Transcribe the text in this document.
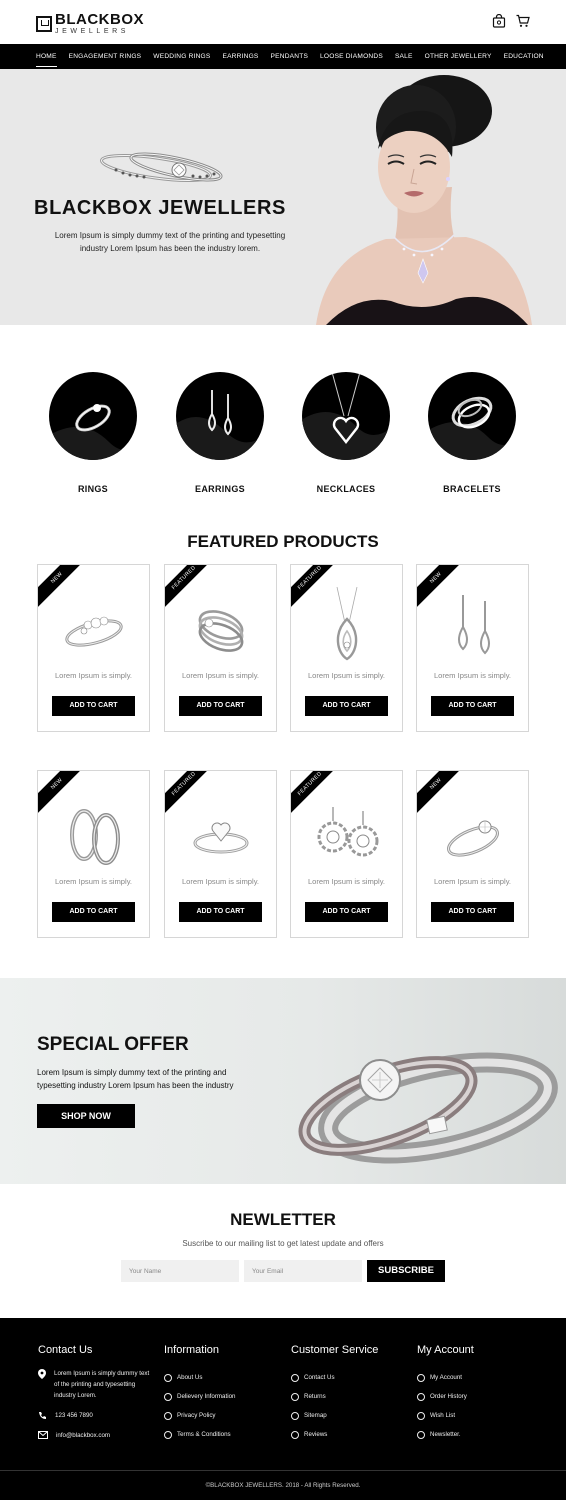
BLACKBOX
JEWELLERS
HOME ENGAGEMENT RINGS WEDDING RINGS EARRINGS PENDANTS LOOSE DIAMONDS SALE OTHER JEWELLERY EDUCATION
BLACKBOX JEWELLERS

Lorem Ipsum is simply dummy text of the printing and typesetting industry Lorem Ipsum has been the industry lorem.

RINGS	EARRINGS	NECKLACES	BRACELETS
FEATURED PRODUCTS
NEW
Lorem Ipsum is simply.
ADD TO CART
FEATURED
Lorem Ipsum is simply.
ADD TO CART
FEATURED
Lorem Ipsum is simply.
ADD TO CART
NEW
Lorem Ipsum is simply.
ADD TO CART
NEW
Lorem Ipsum is simply.
ADD TO CART
FEATURED
Lorem Ipsum is simply.
ADD TO CART
FEATURED
Lorem Ipsum is simply.
ADD TO CART
NEW
Lorem Ipsum is simply.
ADD TO CART
SPECIAL OFFER

Lorem Ipsum is simply dummy text of the printing and typesetting industry Lorem Ipsum has been the industry

SHOP NOW
NEWLETTER

Suscribe to our mailing list to get latest update and offers

Your Name
Your Email
SUBSCRIBE
Contact Us
Lorem Ipsum is simply dummy text of the printing and typesetting industry Lorem.
123 456 7890
info@blackbox.com
Information
About Us
Delievery Information
Privacy Policy
Terms & Conditions
Customer Service
Contact Us
Returns
Sitemap
Reviews
My Account
My Account
Order History
Wish List
Newsletter.
©BLACKBOX JEWELLERS. 2018 - All Rights Reserved.
